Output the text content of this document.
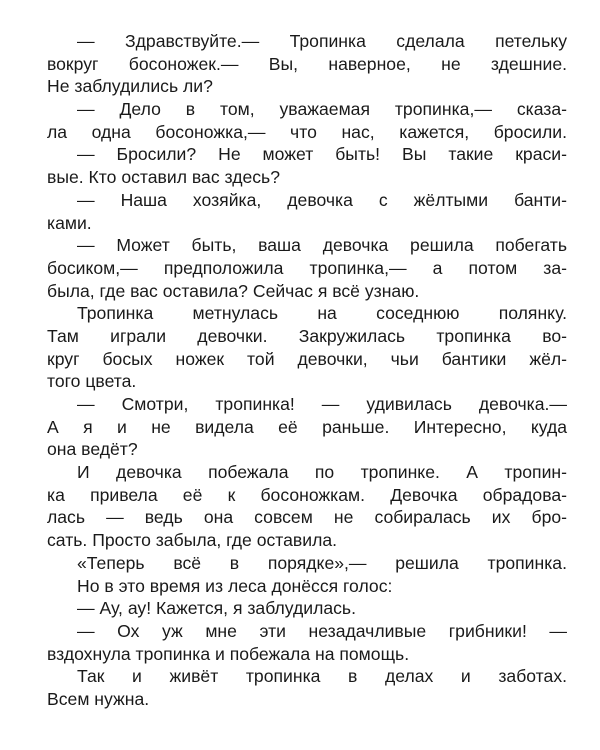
— Здравствуйте.— Тропинка сделала петельку
вокруг босоножек.— Вы, наверное, не здешние.
Не заблудились ли?
— Дело в том, уважаемая тропинка,— сказа-
ла одна босоножка,— что нас, кажется, бросили.
— Бросили? Не может быть! Вы такие краси-
вые. Кто оставил вас здесь?
— Наша хозяйка, девочка с жёлтыми банти-
ками.
— Может быть, ваша девочка решила побегать
босиком,— предположила тропинка,— а потом за-
была, где вас оставила? Сейчас я всё узнаю.
Тропинка метнулась на соседнюю полянку.
Там играли девочки. Закружилась тропинка во-
круг босых ножек той девочки, чьи бантики жёл-
того цвета.
— Смотри, тропинка! — удивилась девочка.—
А я и не видела её раньше. Интересно, куда
она ведёт?
И девочка побежала по тропинке. А тропин-
ка привела её к босоножкам. Девочка обрадова-
лась — ведь она совсем не собиралась их бро-
сать. Просто забыла, где оставила.
«Теперь всё в порядке»,— решила тропинка.
Но в это время из леса донёсся голос:
— Ау, ау! Кажется, я заблудилась.
— Ох уж мне эти незадачливые грибники! —
вздохнула тропинка и побежала на помощь.
Так и живёт тропинка в делах и заботах.
Всем нужна.
